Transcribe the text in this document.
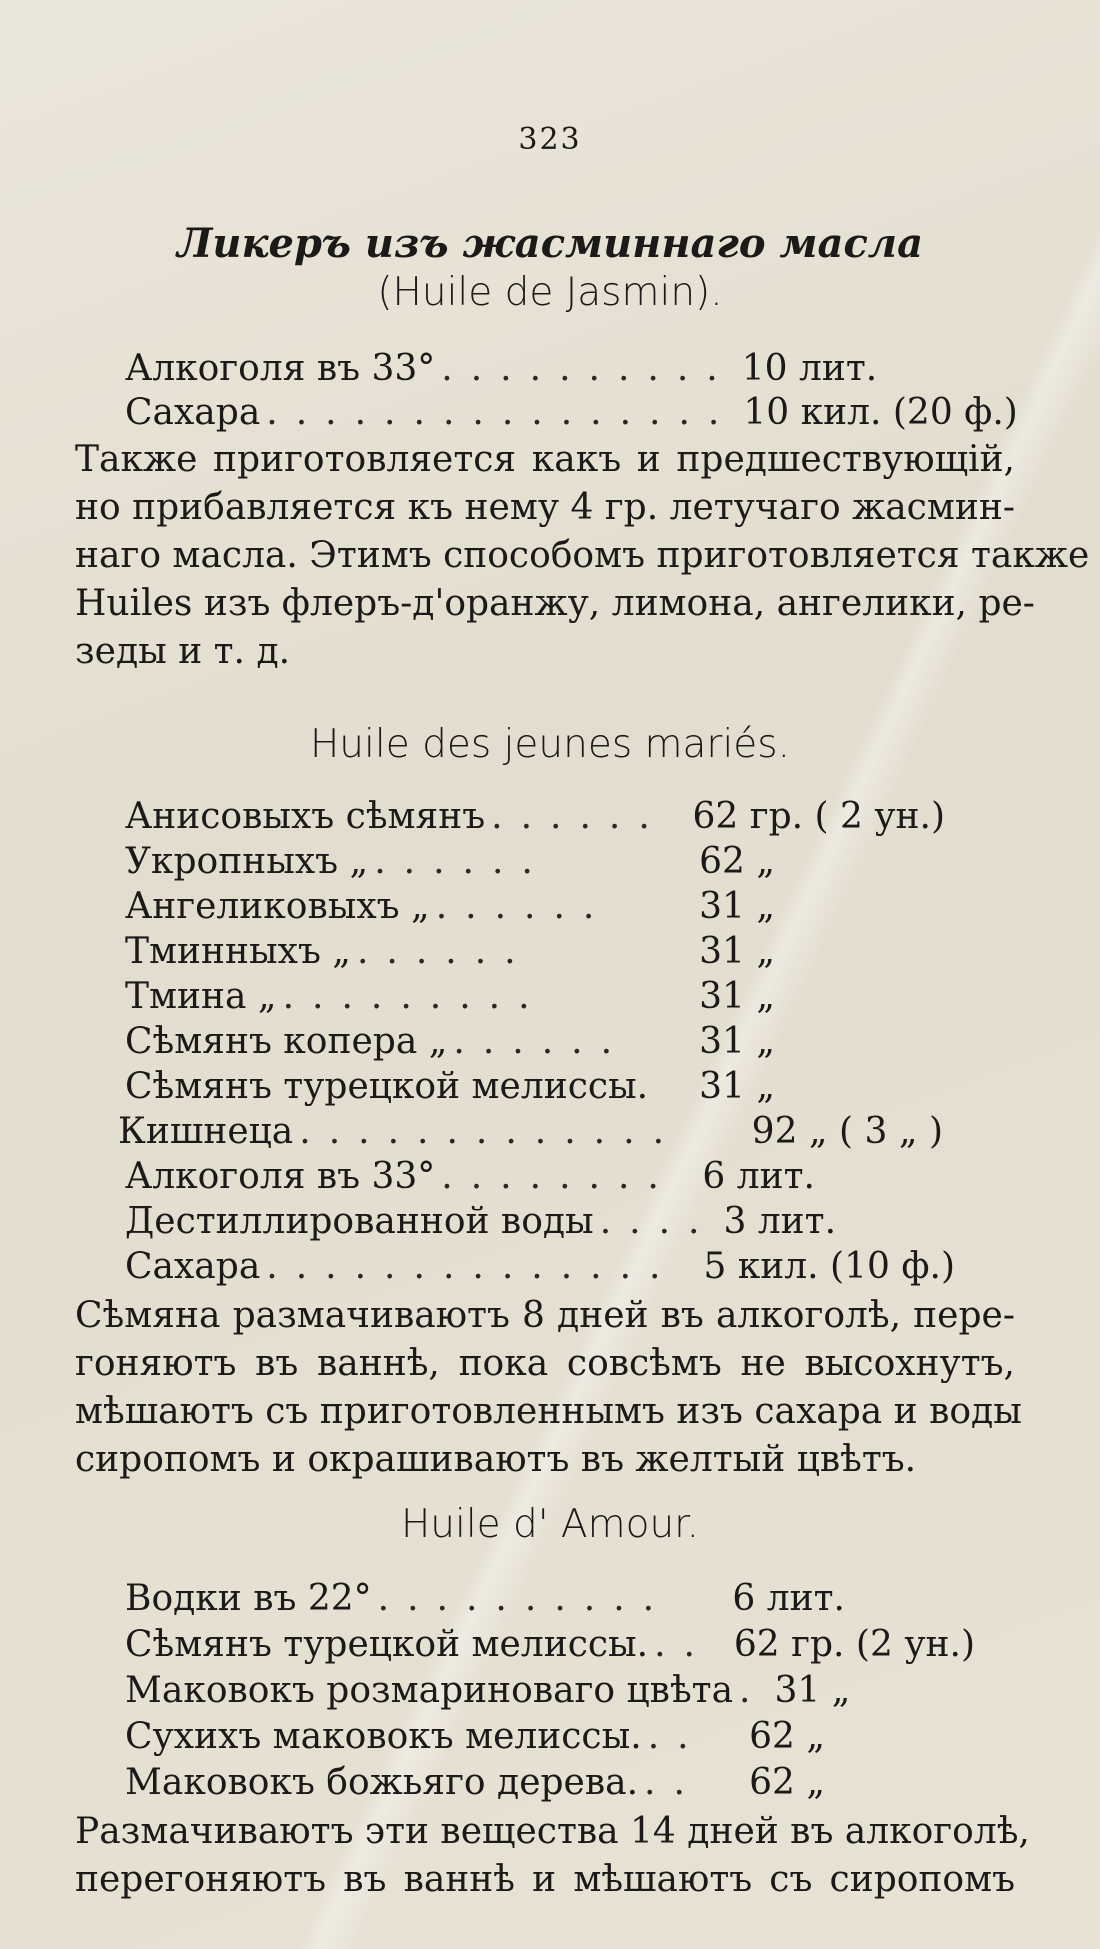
323
Ликеръ изъ жасминнаго масла
(Huile de Jasmin).
Алкоголя въ 33° .......... 10 лит.
Сахара ................ 10 кил. (20 ф.)
Также приготовляется какъ и предшествующій,
но прибавляется къ нему 4 гр. летучаго жасмин-
наго масла. Этимъ способомъ приготовляется также
Huiles изъ флеръ-д'оранжу, лимона, ангелики, ре-
зеды и т. д.
Huile des jeunes mariés.
Анисовыхъ сѣмянъ ...... 62 гр. ( 2 ун.)
Укропныхъ „ ......	62 „
Ангеликовыхъ „ ......	31 „
Тминныхъ „ ......	31 „
Тмина „ .........	31 „
Сѣмянъ копера „ ......	31 „
Сѣмянъ турецкой мелиссы. 31 „
Кишнеца .............	92 „ ( 3 „ )
Алкоголя въ 33° ........ 6 лит.
Дестиллированной воды .... 3 лит.
Сахара .............. 5 кил. (10 ф.)
Сѣмяна размачиваютъ 8 дней въ алкоголѣ, пере-
гоняютъ въ ваннѣ, пока совсѣмъ не высохнутъ,
мѣшаютъ съ приготовленнымъ изъ сахара и воды
сиропомъ и окрашиваютъ въ желтый цвѣтъ.
Huile d' Amour.
Водки въ 22° ..........	6 лит.
Сѣмянъ турецкой мелиссы. .. 62 гр. (2 ун.)
Маковокъ розмариноваго цвѣта . 31 „
Сухихъ маковокъ мелиссы. ..	62 „
Маковокъ божьяго дерева. ..	62 „
Размачиваютъ эти вещества 14 дней въ алкоголѣ,
перегоняютъ въ ваннѣ и мѣшаютъ съ сиропомъ
